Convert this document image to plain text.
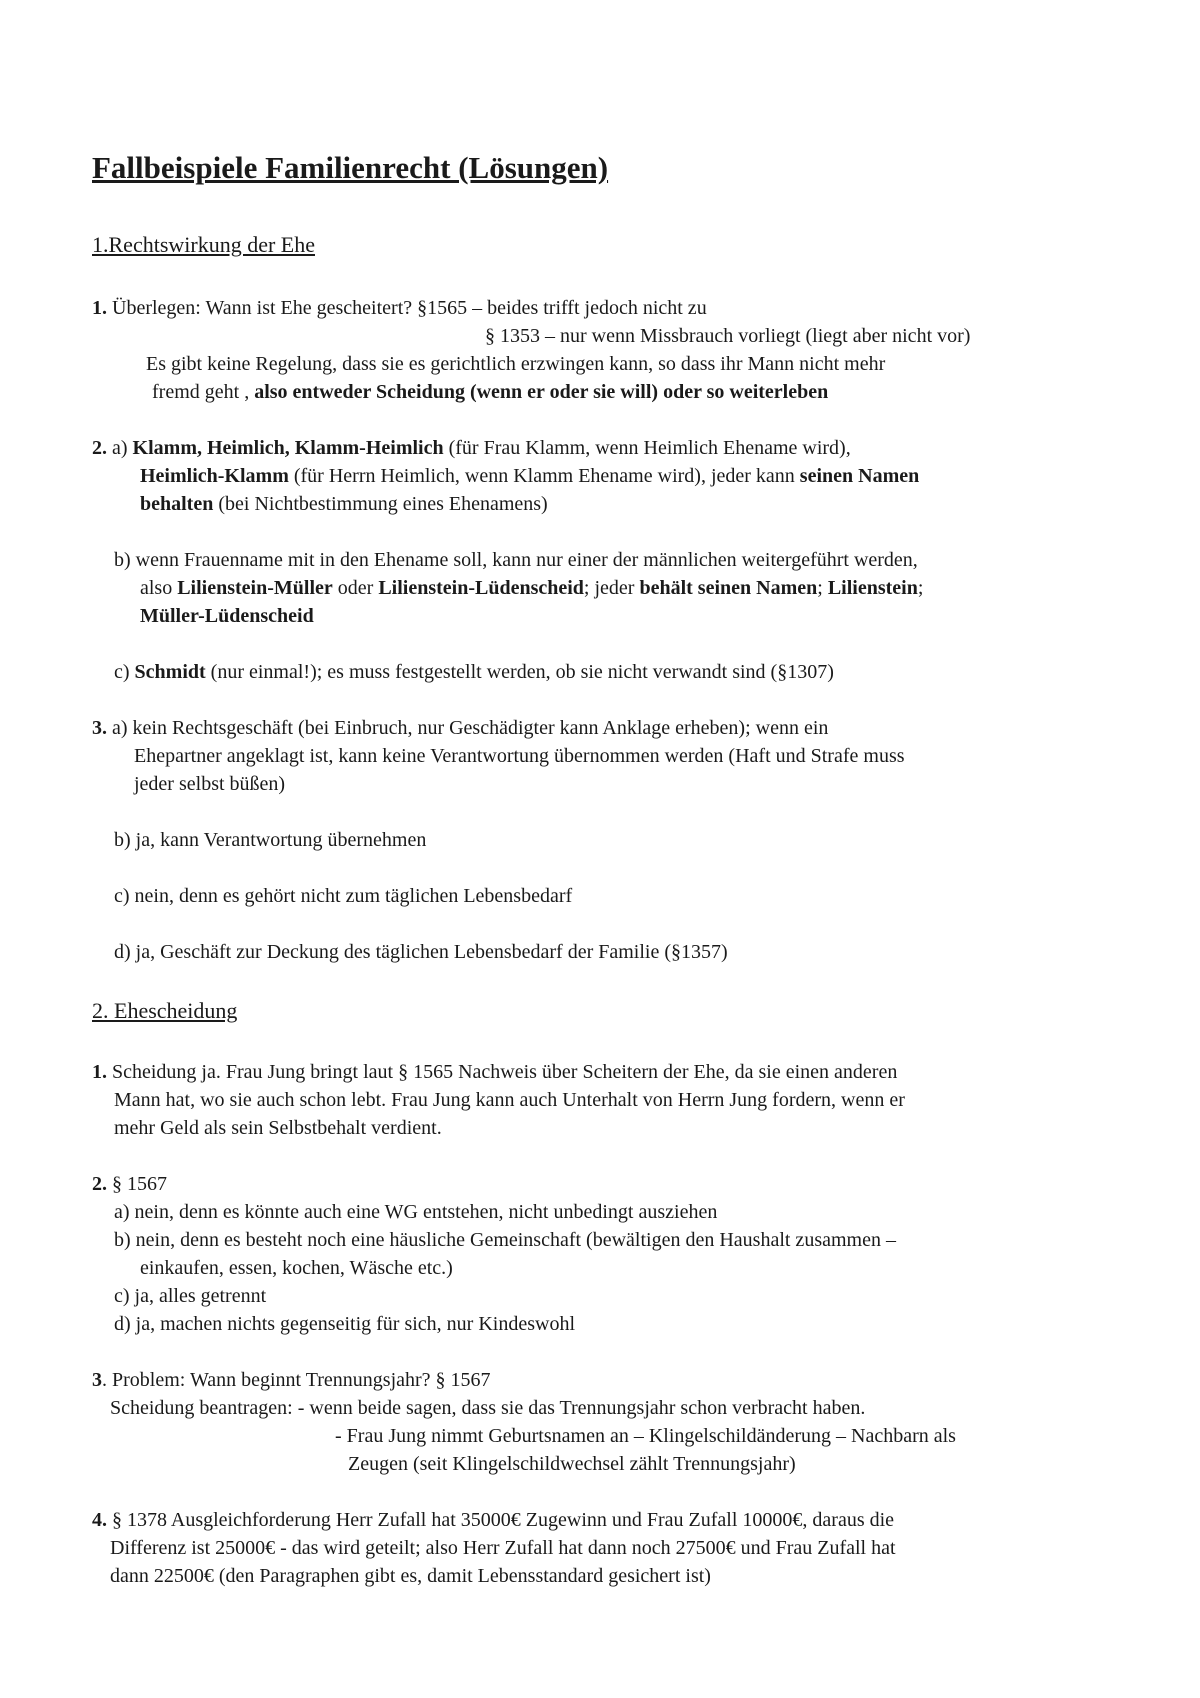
Fallbeispiele Familienrecht (Lösungen)
1.Rechtswirkung der Ehe

1. Überlegen: Wann ist Ehe gescheitert? §1565 – beides trifft jedoch nicht zu

§ 1353 – nur wenn Missbrauch vorliegt (liegt aber nicht vor)

Es gibt keine Regelung, dass sie es gerichtlich erzwingen kann, so dass ihr Mann nicht mehr

fremd geht , also entweder Scheidung (wenn er oder sie will) oder so weiterleben

2. a) Klamm, Heimlich, Klamm-Heimlich (für Frau Klamm, wenn Heimlich Ehename wird),

Heimlich-Klamm (für Herrn Heimlich, wenn Klamm Ehename wird), jeder kann seinen Namen

behalten (bei Nichtbestimmung eines Ehenamens)

b) wenn Frauenname mit in den Ehename soll, kann nur einer der männlichen weitergeführt werden,

also Lilienstein-Müller oder Lilienstein-Lüdenscheid; jeder behält seinen Namen; Lilienstein;

Müller-Lüdenscheid

c) Schmidt (nur einmal!); es muss festgestellt werden, ob sie nicht verwandt sind (§1307)

3. a) kein Rechtsgeschäft (bei Einbruch, nur Geschädigter kann Anklage erheben); wenn ein

Ehepartner angeklagt ist, kann keine Verantwortung übernommen werden (Haft und Strafe muss

jeder selbst büßen)

b) ja, kann Verantwortung übernehmen

c) nein, denn es gehört nicht zum täglichen Lebensbedarf

d) ja, Geschäft zur Deckung des täglichen Lebensbedarf der Familie (§1357)

2. Ehescheidung

1. Scheidung ja. Frau Jung bringt laut § 1565 Nachweis über Scheitern der Ehe, da sie einen anderen

Mann hat, wo sie auch schon lebt. Frau Jung kann auch Unterhalt von Herrn Jung fordern, wenn er

mehr Geld als sein Selbstbehalt verdient.

2. § 1567

a) nein, denn es könnte auch eine WG entstehen, nicht unbedingt ausziehen

b) nein, denn es besteht noch eine häusliche Gemeinschaft (bewältigen den Haushalt zusammen –

einkaufen, essen, kochen, Wäsche etc.)

c) ja, alles getrennt

d) ja, machen nichts gegenseitig für sich, nur Kindeswohl

3. Problem: Wann beginnt Trennungsjahr? § 1567

Scheidung beantragen: - wenn beide sagen, dass sie das Trennungsjahr schon verbracht haben.

- Frau Jung nimmt Geburtsnamen an – Klingelschildänderung – Nachbarn als

Zeugen (seit Klingelschildwechsel zählt Trennungsjahr)

4. § 1378 Ausgleichforderung Herr Zufall hat 35000€ Zugewinn und Frau Zufall 10000€, daraus die

Differenz ist 25000€ - das wird geteilt; also Herr Zufall hat dann noch 27500€ und Frau Zufall hat

dann 22500€ (den Paragraphen gibt es, damit Lebensstandard gesichert ist)
